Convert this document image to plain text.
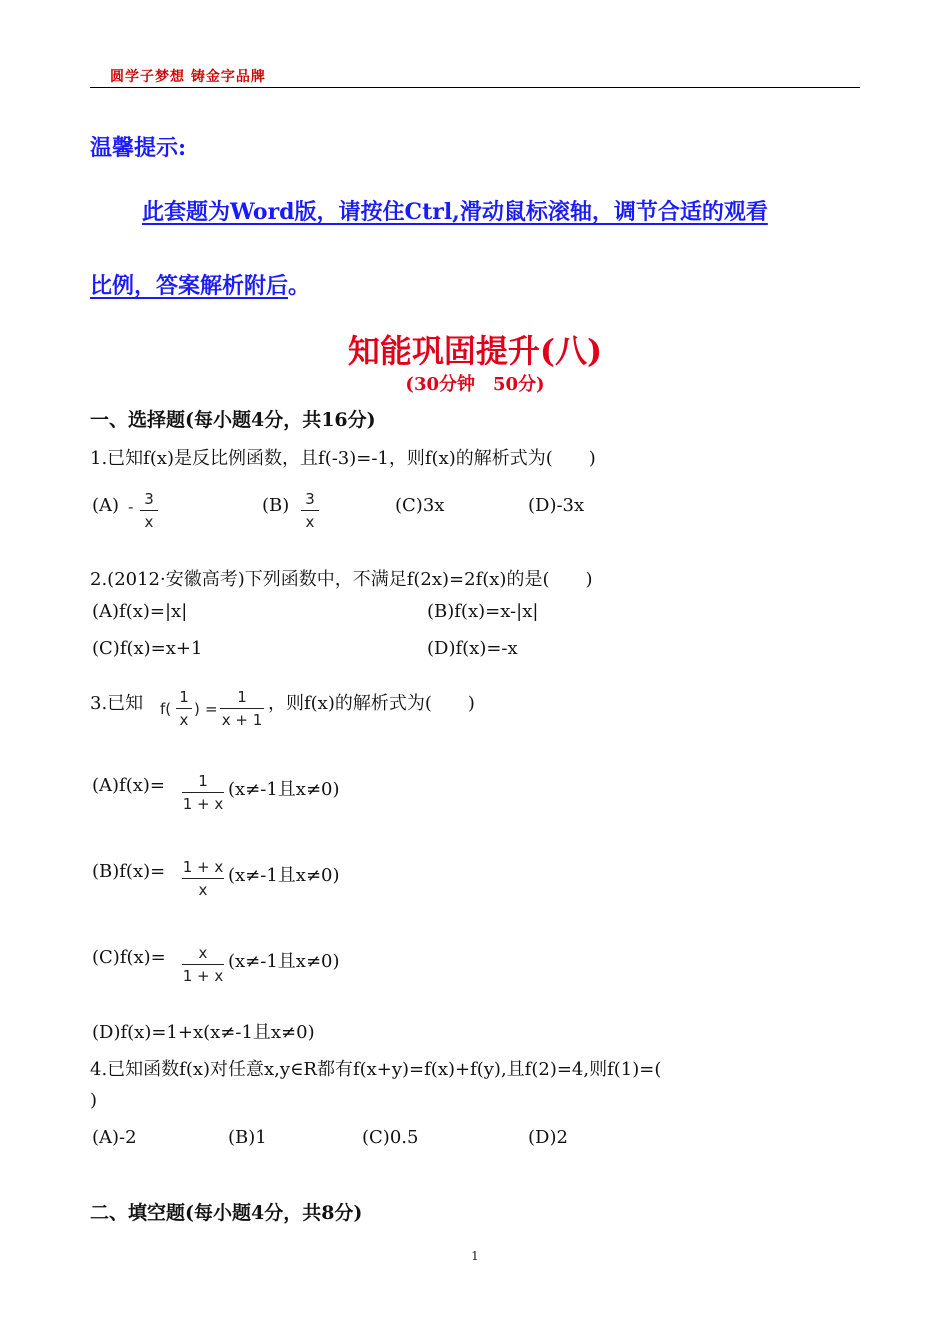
圆学子梦想 铸金字品牌
温馨提示:
此套题为Word版，请按住Ctrl,滑动鼠标滚轴，调节合适的观看
比例，答案解析附后。
知能巩固提升(八)
(30分钟　50分)
一、选择题(每小题4分，共16分)
1.已知f(x)是反比例函数，且f(-3)=-1，则f(x)的解析式为(　　)
(A) - 3
x
(B) 3
x
(C)3x	(D)-3x
2.(2012·安徽高考)下列函数中，不满足f(2x)=2f(x)的是(　　)
(A)f(x)=|x|	(B)f(x)=x-|x|
(C)f(x)=x+1	(D)f(x)=-x
3.已知 f(
1
x
) =
1
x + 1
，则f(x)的解析式为(　　)
(A)f(x)=	1
1 + x
(x≠-1且x≠0)
(B)f(x)= 1 + x
x
(x≠-1且x≠0)
(C)f(x)=	x
1 + x
(x≠-1且x≠0)
(D)f(x)=1+x(x≠-1且x≠0)
4.已知函数f(x)对任意x,y∈R都有f(x+y)=f(x)+f(y),且f(2)=4,则f(1)=(
)
(A)-2	(B)1	(C)0.5	(D)2
二、填空题(每小题4分，共8分)
1
